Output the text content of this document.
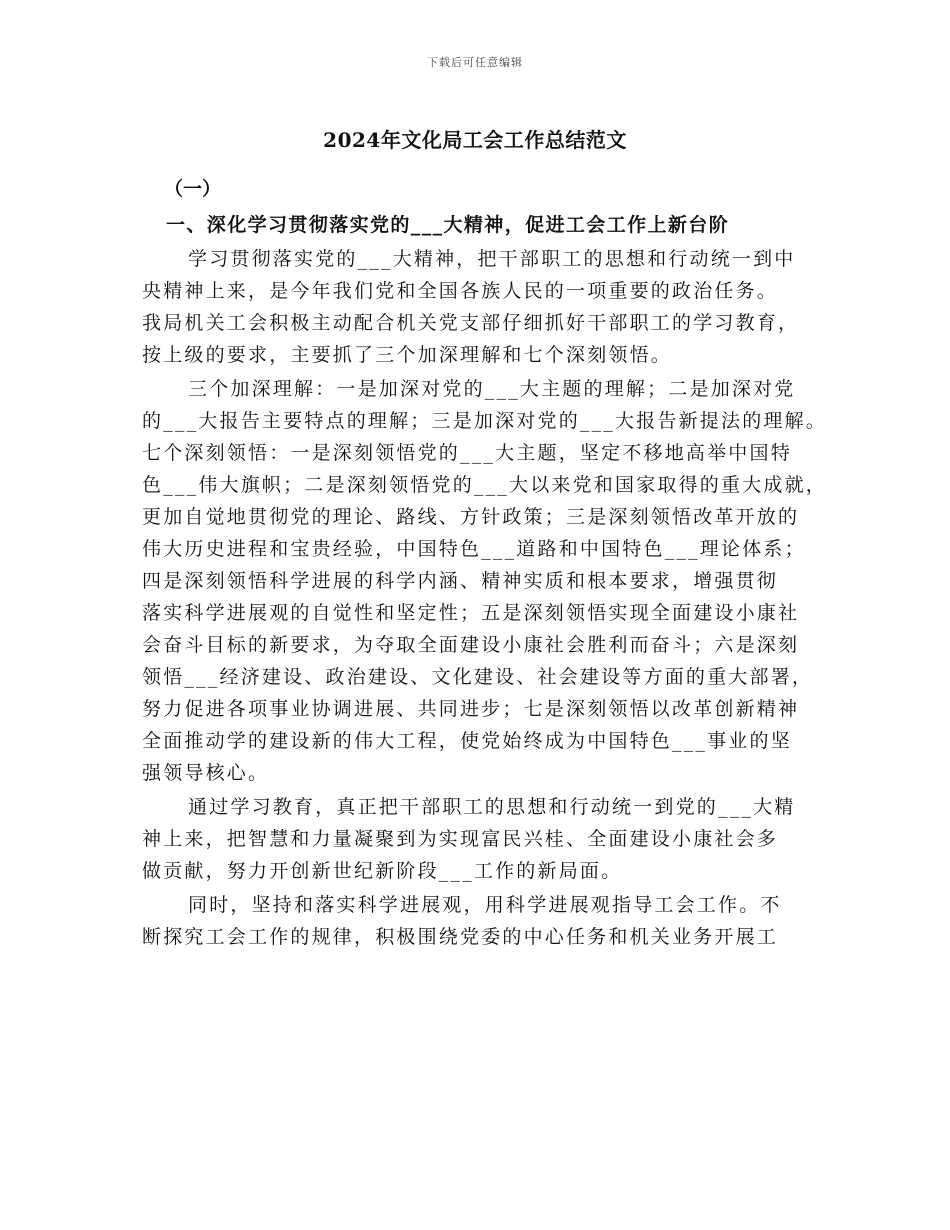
下载后可任意编辑
2024年文化局工会工作总结范文
（一）
一、深化学习贯彻落实党的___大精神，促进工会工作上新台阶
学习贯彻落实党的___大精神，把干部职工的思想和行动统一到中
央精神上来，是今年我们党和全国各族人民的一项重要的政治任务。
我局机关工会积极主动配合机关党支部仔细抓好干部职工的学习教育，
按上级的要求，主要抓了三个加深理解和七个深刻领悟。
三个加深理解：一是加深对党的___大主题的理解；二是加深对党
的___大报告主要特点的理解；三是加深对党的___大报告新提法的理解。
七个深刻领悟：一是深刻领悟党的___大主题，坚定不移地高举中国特
色___伟大旗帜；二是深刻领悟党的___大以来党和国家取得的重大成就，
更加自觉地贯彻党的理论、路线、方针政策；三是深刻领悟改革开放的
伟大历史进程和宝贵经验，中国特色___道路和中国特色___理论体系；
四是深刻领悟科学进展的科学内涵、精神实质和根本要求，增强贯彻
落实科学进展观的自觉性和坚定性；五是深刻领悟实现全面建设小康社
会奋斗目标的新要求，为夺取全面建设小康社会胜利而奋斗；六是深刻
领悟___经济建设、政治建设、文化建设、社会建设等方面的重大部署，
努力促进各项事业协调进展、共同进步；七是深刻领悟以改革创新精神
全面推动学的建设新的伟大工程，使党始终成为中国特色___事业的坚
强领导核心。
通过学习教育，真正把干部职工的思想和行动统一到党的___大精
神上来，把智慧和力量凝聚到为实现富民兴桂、全面建设小康社会多
做贡献，努力开创新世纪新阶段___工作的新局面。
同时，坚持和落实科学进展观，用科学进展观指导工会工作。不
断探究工会工作的规律，积极围绕党委的中心任务和机关业务开展工
